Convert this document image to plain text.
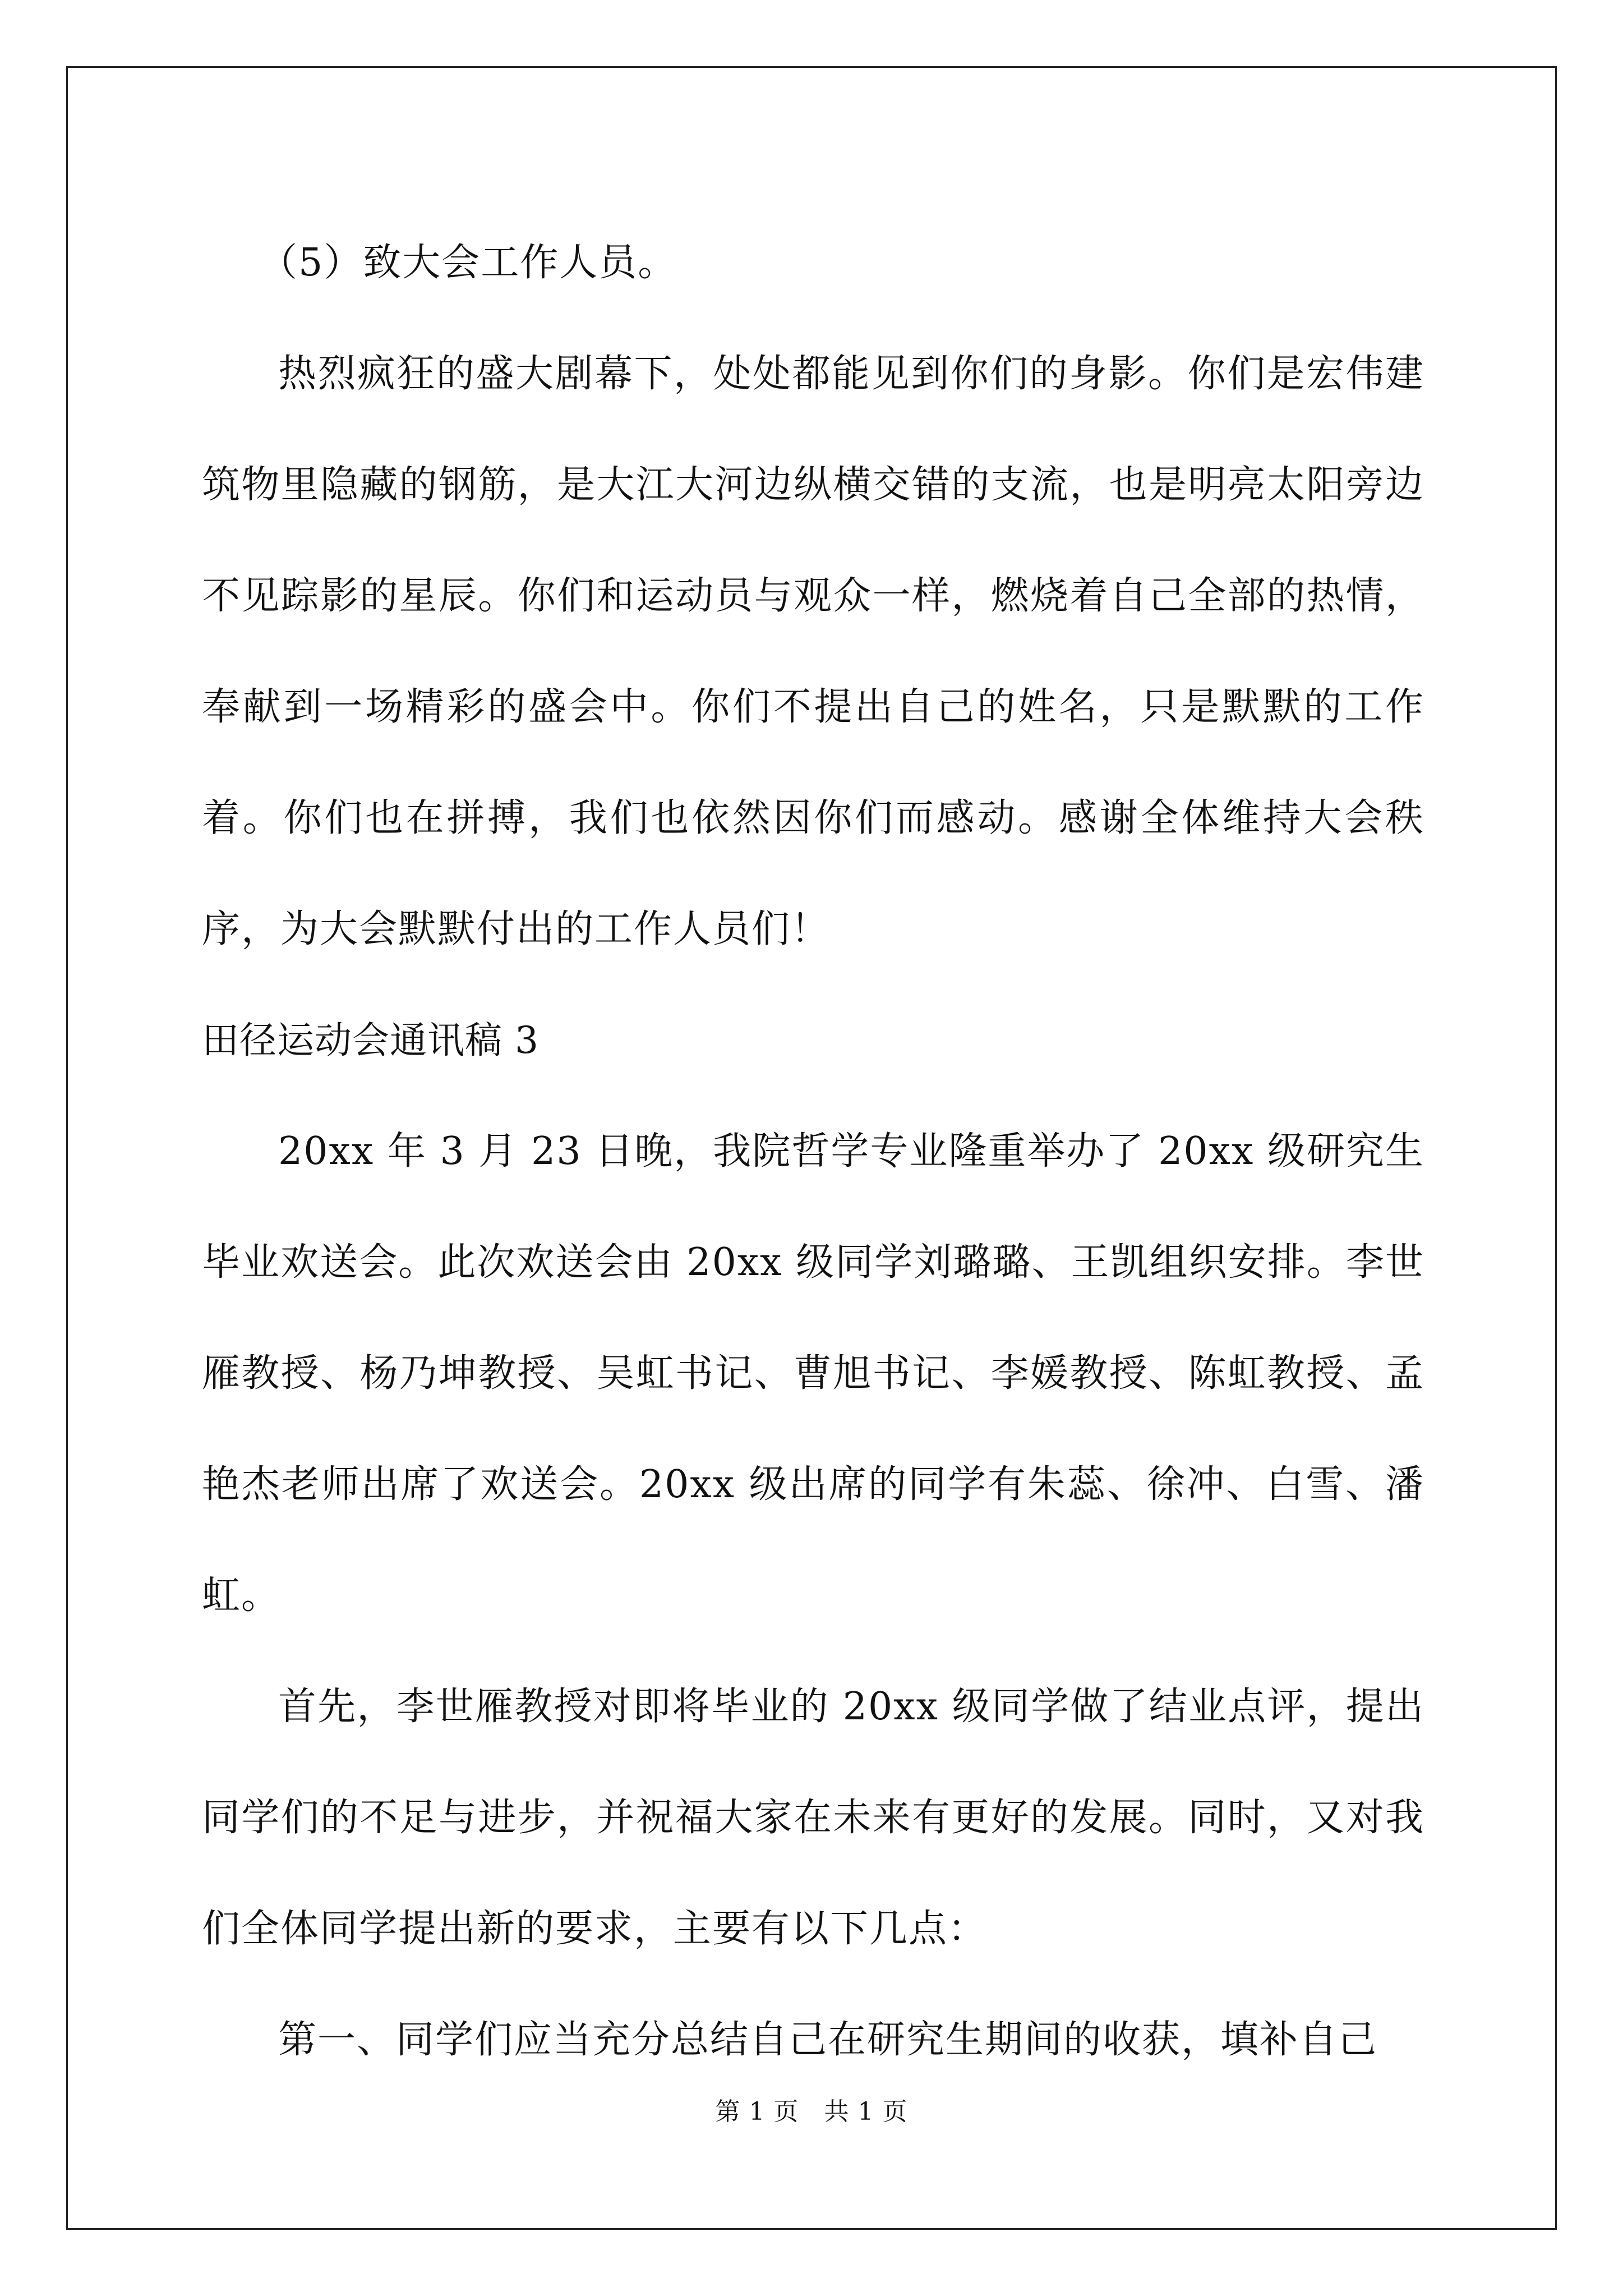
（5）致大会工作人员。

热烈疯狂的盛大剧幕下，处处都能见到你们的身影。你们是宏伟建筑物里隐藏的钢筋，是大江大河边纵横交错的支流，也是明亮太阳旁边不见踪影的星辰。你们和运动员与观众一样，燃烧着自己全部的热情，奉献到一场精彩的盛会中。你们不提出自己的姓名，只是默默的工作着。你们也在拼搏，我们也依然因你们而感动。感谢全体维持大会秩序，为大会默默付出的工作人员们！

田径运动会通讯稿 3

20xx 年 3 月 23 日晚，我院哲学专业隆重举办了 20xx 级研究生毕业欢送会。此次欢送会由 20xx 级同学刘璐璐、王凯组织安排。李世雁教授、杨乃坤教授、吴虹书记、曹旭书记、李媛教授、陈虹教授、孟艳杰老师出席了欢送会。20xx 级出席的同学有朱蕊、徐冲、白雪、潘虹。

首先，李世雁教授对即将毕业的 20xx 级同学做了结业点评，提出同学们的不足与进步，并祝福大家在未来有更好的发展。同时，又对我们全体同学提出新的要求，主要有以下几点：

第一、同学们应当充分总结自己在研究生期间的收获，填补自己

第 1 页　共 1 页
